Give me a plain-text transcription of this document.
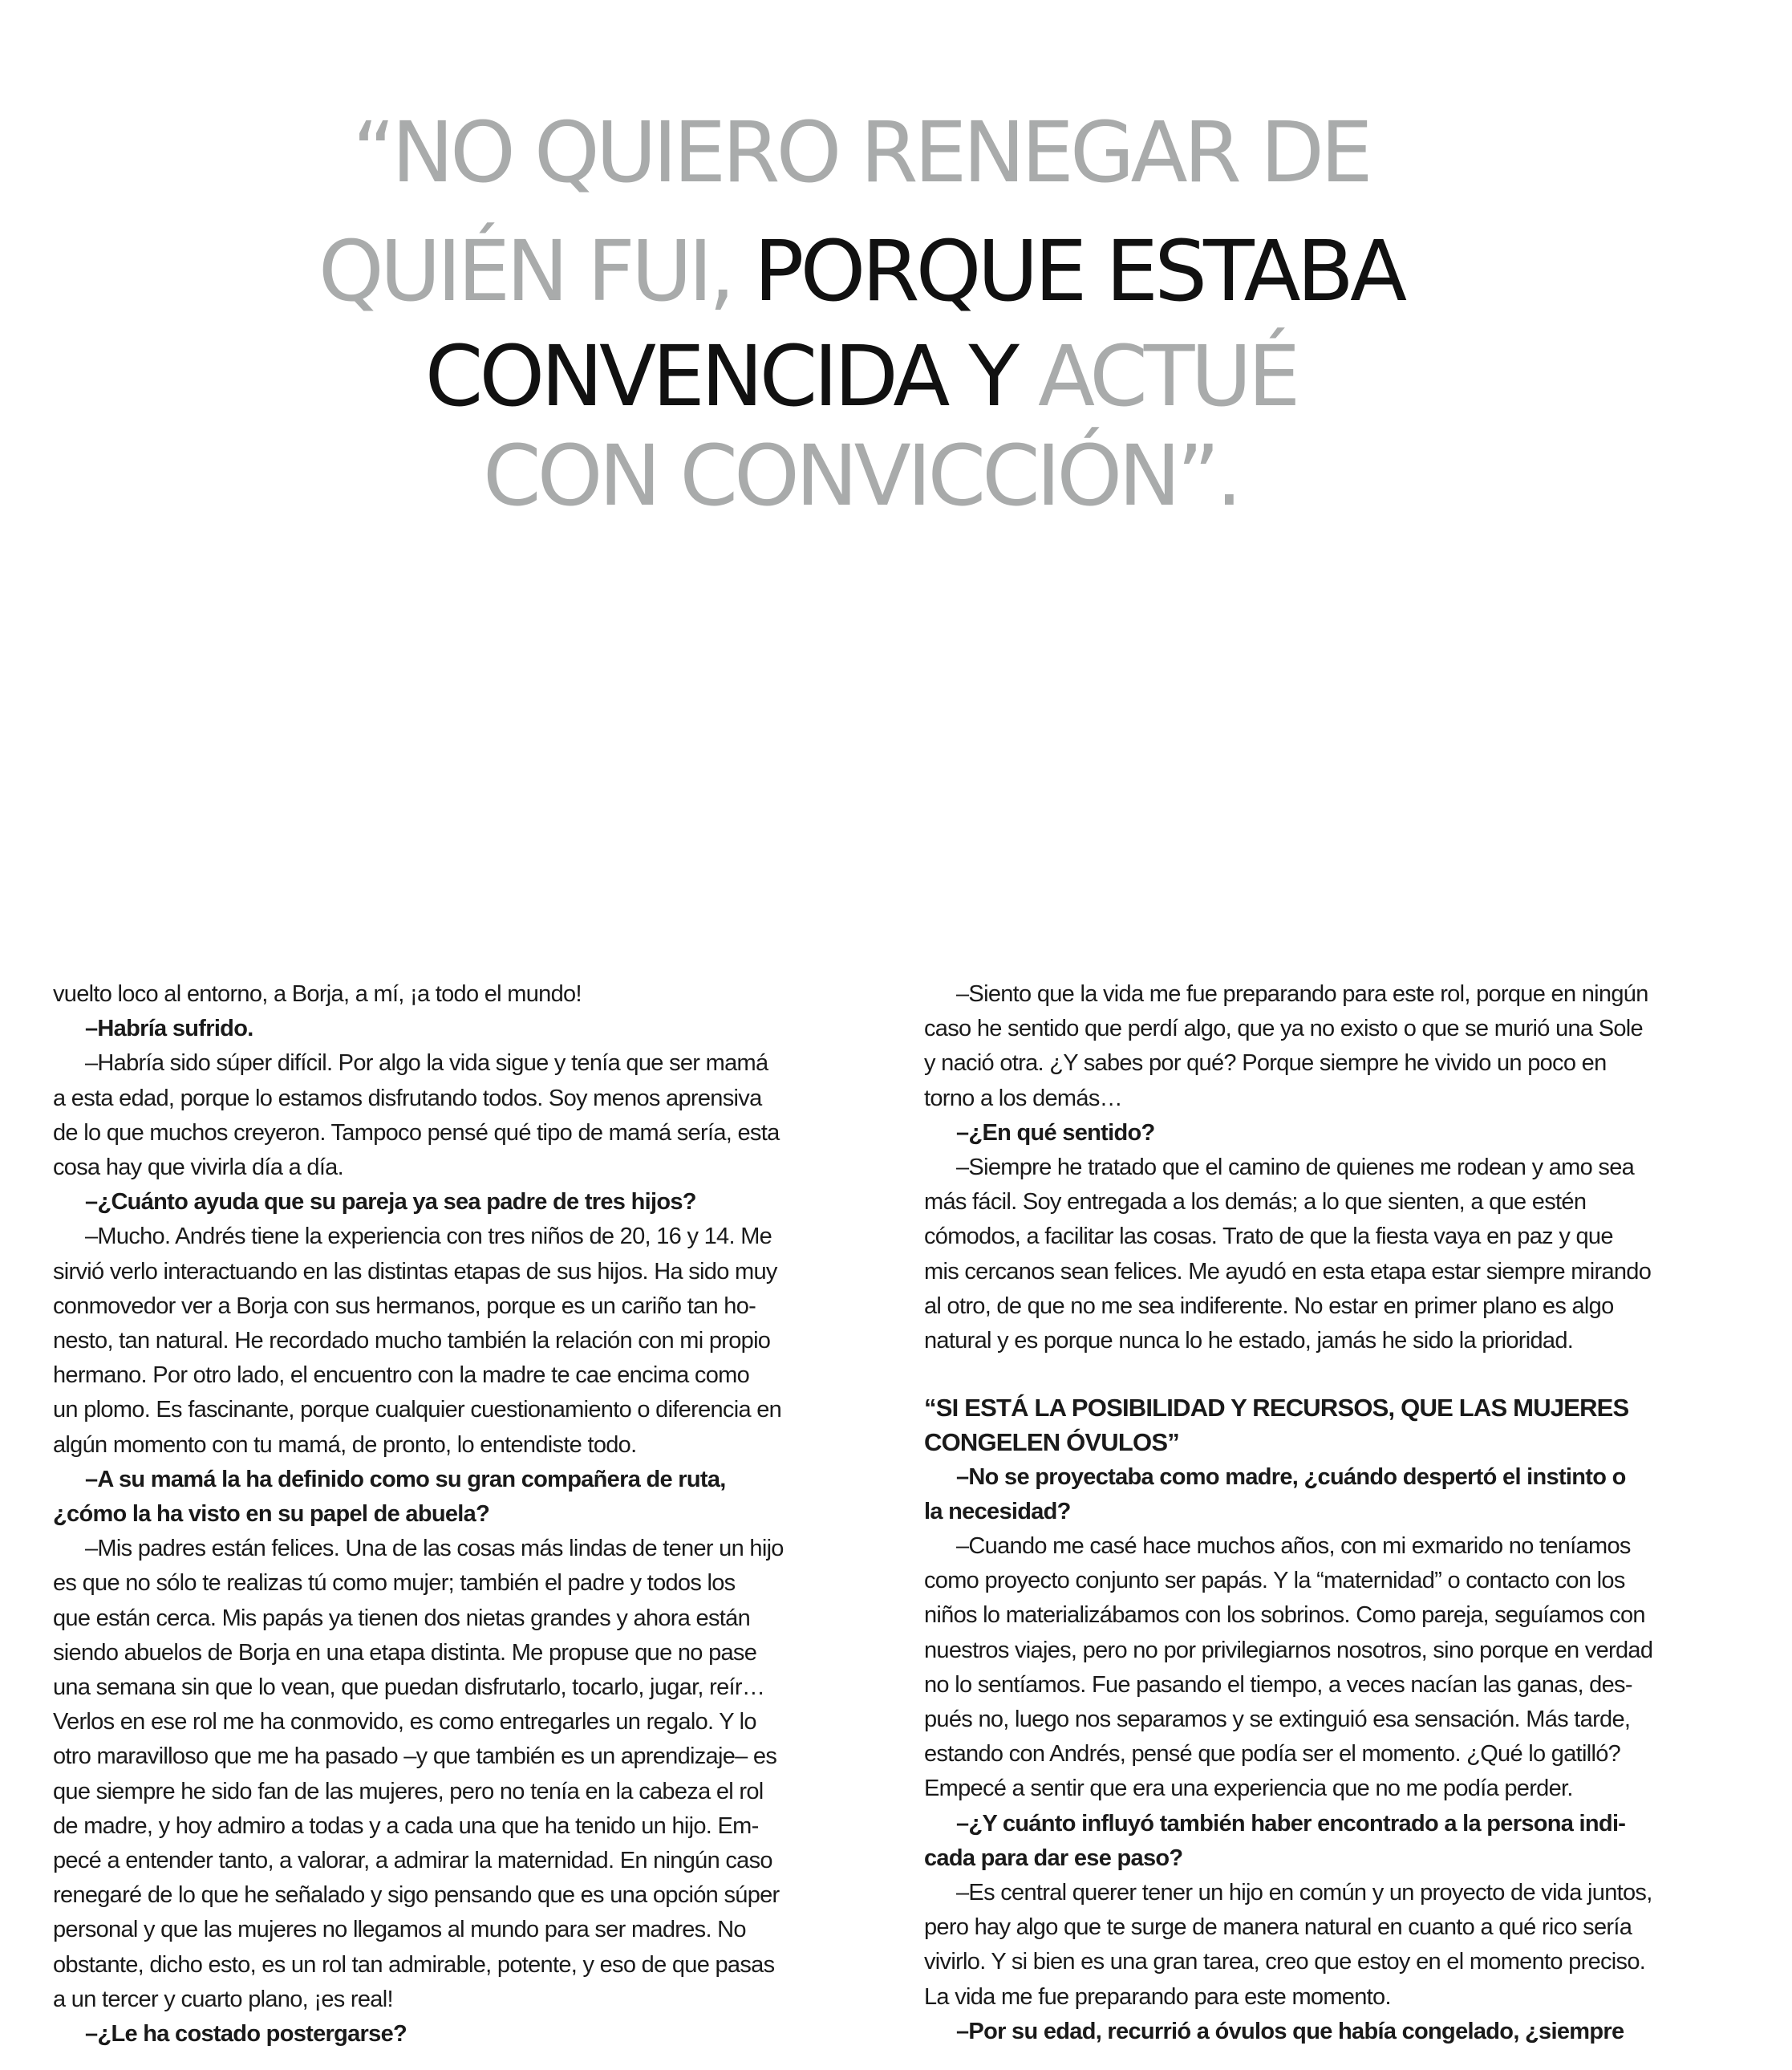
“NO QUIERO RENEGAR DE
QUIÉN FUI, PORQUE ESTABA
CONVENCIDA Y ACTUÉ
CON CONVICCIÓN”.
vuelto loco al entorno, a Borja, a mí, ¡a todo el mundo!
–Habría sufrido.
–Habría sido súper difícil. Por algo la vida sigue y tenía que ser mamá
a esta edad, porque lo estamos disfrutando todos. Soy menos aprensiva
de lo que muchos creyeron. Tampoco pensé qué tipo de mamá sería, esta
cosa hay que vivirla día a día.
–¿Cuánto ayuda que su pareja ya sea padre de tres hijos?
–Mucho. Andrés tiene la experiencia con tres niños de 20, 16 y 14. Me
sirvió verlo interactuando en las distintas etapas de sus hijos. Ha sido muy
conmovedor ver a Borja con sus hermanos, porque es un cariño tan ho-
nesto, tan natural. He recordado mucho también la relación con mi propio
hermano. Por otro lado, el encuentro con la madre te cae encima como
un plomo. Es fascinante, porque cualquier cuestionamiento o diferencia en
algún momento con tu mamá, de pronto, lo entendiste todo.
–A su mamá la ha definido como su gran compañera de ruta,
¿cómo la ha visto en su papel de abuela?
–Mis padres están felices. Una de las cosas más lindas de tener un hijo
es que no sólo te realizas tú como mujer; también el padre y todos los
que están cerca. Mis papás ya tienen dos nietas grandes y ahora están
siendo abuelos de Borja en una etapa distinta. Me propuse que no pase
una semana sin que lo vean, que puedan disfrutarlo, tocarlo, jugar, reír…
Verlos en ese rol me ha conmovido, es como entregarles un regalo. Y lo
otro maravilloso que me ha pasado –y que también es un aprendizaje– es
que siempre he sido fan de las mujeres, pero no tenía en la cabeza el rol
de madre, y hoy admiro a todas y a cada una que ha tenido un hijo. Em-
pecé a entender tanto, a valorar, a admirar la maternidad. En ningún caso
renegaré de lo que he señalado y sigo pensando que es una opción súper
personal y que las mujeres no llegamos al mundo para ser madres. No
obstante, dicho esto, es un rol tan admirable, potente, y eso de que pasas
a un tercer y cuarto plano, ¡es real!
–¿Le ha costado postergarse?
–Siento que la vida me fue preparando para este rol, porque en ningún
caso he sentido que perdí algo, que ya no existo o que se murió una Sole
y nació otra. ¿Y sabes por qué? Porque siempre he vivido un poco en
torno a los demás…
–¿En qué sentido?
–Siempre he tratado que el camino de quienes me rodean y amo sea
más fácil. Soy entregada a los demás; a lo que sienten, a que estén
cómodos, a facilitar las cosas. Trato de que la fiesta vaya en paz y que
mis cercanos sean felices. Me ayudó en esta etapa estar siempre mirando
al otro, de que no me sea indiferente. No estar en primer plano es algo
natural y es porque nunca lo he estado, jamás he sido la prioridad.
“SI ESTÁ LA POSIBILIDAD Y RECURSOS, QUE LAS MUJERES
CONGELEN ÓVULOS”
–No se proyectaba como madre, ¿cuándo despertó el instinto o
la necesidad?
–Cuando me casé hace muchos años, con mi exmarido no teníamos
como proyecto conjunto ser papás. Y la “maternidad” o contacto con los
niños lo materializábamos con los sobrinos. Como pareja, seguíamos con
nuestros viajes, pero no por privilegiarnos nosotros, sino porque en verdad
no lo sentíamos. Fue pasando el tiempo, a veces nacían las ganas, des-
pués no, luego nos separamos y se extinguió esa sensación. Más tarde,
estando con Andrés, pensé que podía ser el momento. ¿Qué lo gatilló?
Empecé a sentir que era una experiencia que no me podía perder.
–¿Y cuánto influyó también haber encontrado a la persona indi-
cada para dar ese paso?
–Es central querer tener un hijo en común y un proyecto de vida juntos,
pero hay algo que te surge de manera natural en cuanto a qué rico sería
vivirlo. Y si bien es una gran tarea, creo que estoy en el momento preciso.
La vida me fue preparando para este momento.
–Por su edad, recurrió a óvulos que había congelado, ¿siempre
